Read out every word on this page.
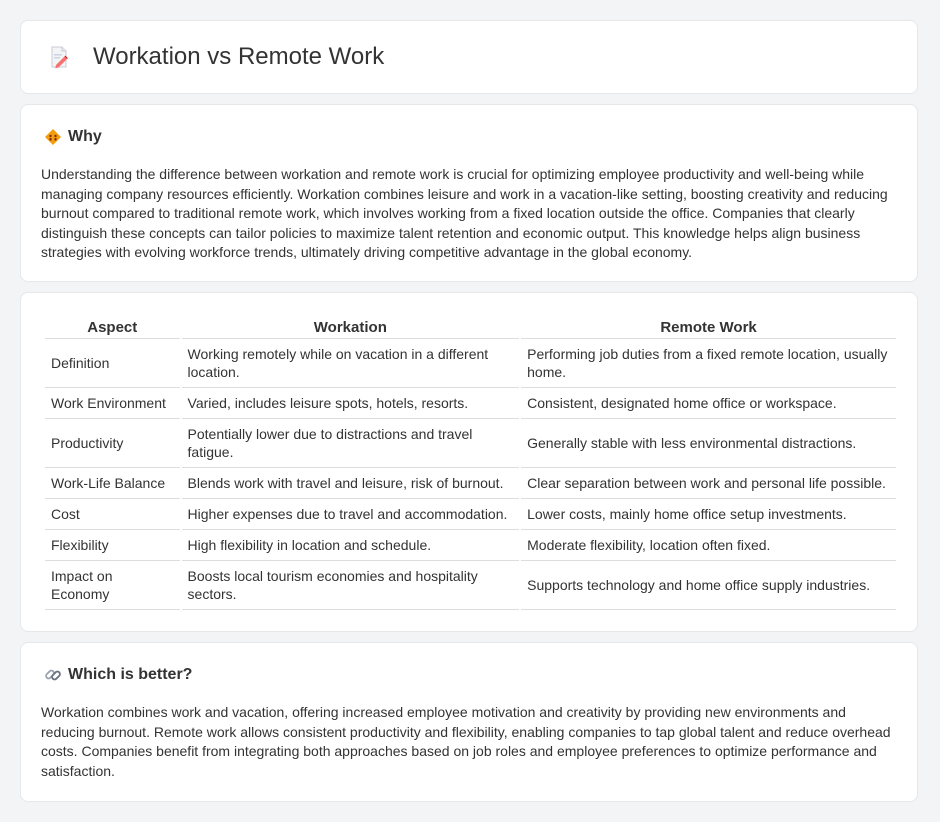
Workation vs Remote Work
Why

Understanding the difference between workation and remote work is crucial for optimizing employee productivity and well-being while managing company resources efficiently. Workation combines leisure and work in a vacation-like setting, boosting creativity and reducing burnout compared to traditional remote work, which involves working from a fixed location outside the office. Companies that clearly distinguish these concepts can tailor policies to maximize talent retention and economic output. This knowledge helps align business strategies with evolving workforce trends, ultimately driving competitive advantage in the global economy.

Aspect	Workation	Remote Work
Definition	Working remotely while on vacation in a different location.	Performing job duties from a fixed remote location, usually home.
Work Environment	Varied, includes leisure spots, hotels, resorts.	Consistent, designated home office or workspace.
Productivity	Potentially lower due to distractions and travel fatigue.	Generally stable with less environmental distractions.
Work-Life Balance	Blends work with travel and leisure, risk of burnout.	Clear separation between work and personal life possible.
Cost	Higher expenses due to travel and accommodation.	Lower costs, mainly home office setup investments.
Flexibility	High flexibility in location and schedule.	Moderate flexibility, location often fixed.
Impact on Economy	Boosts local tourism economies and hospitality sectors.	Supports technology and home office supply industries.
Which is better?

Workation combines work and vacation, offering increased employee motivation and creativity by providing new environments and reducing burnout. Remote work allows consistent productivity and flexibility, enabling companies to tap global talent and reduce overhead costs. Companies benefit from integrating both approaches based on job roles and employee preferences to optimize performance and satisfaction.
